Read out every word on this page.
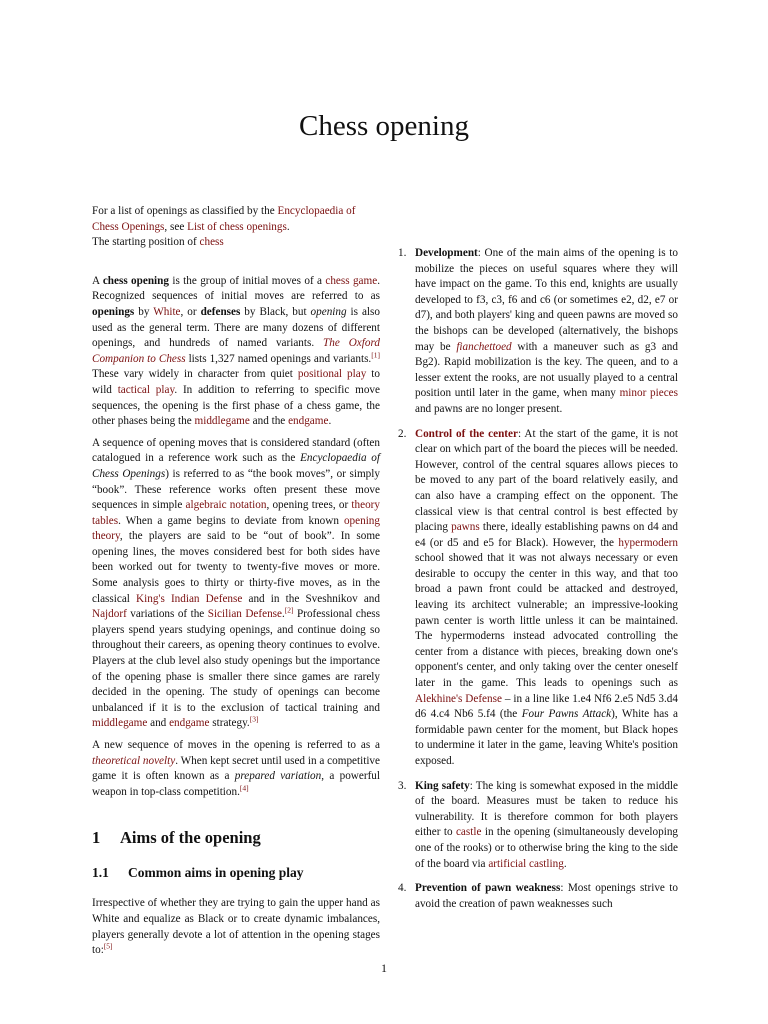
Chess opening

For a list of openings as classified by the Encyclopaedia of Chess Openings, see List of chess openings.

The starting position of chess

A chess opening is the group of initial moves of a chess game. Recognized sequences of initial moves are referred to as openings by White, or defenses by Black, but opening is also used as the general term. There are many dozens of different openings, and hundreds of named variants. The Oxford Companion to Chess lists 1,327 named openings and variants.[1] These vary widely in character from quiet positional play to wild tactical play. In addition to referring to specific move sequences, the opening is the first phase of a chess game, the other phases being the middlegame and the endgame.

A sequence of opening moves that is considered standard (often catalogued in a reference work such as the Encyclopaedia of Chess Openings) is referred to as “the book moves”, or simply “book”. These reference works often present these move sequences in simple algebraic notation, opening trees, or theory tables. When a game begins to deviate from known opening theory, the players are said to be “out of book”. In some opening lines, the moves considered best for both sides have been worked out for twenty to twenty-five moves or more. Some analysis goes to thirty or thirty-five moves, as in the classical King's Indian Defense and in the Sveshnikov and Najdorf variations of the Sicilian Defense.[2] Professional chess players spend years studying openings, and continue doing so throughout their careers, as opening theory continues to evolve. Players at the club level also study openings but the importance of the opening phase is smaller there since games are rarely decided in the opening. The study of openings can become unbalanced if it is to the exclusion of tactical training and middlegame and endgame strategy.[3]

A new sequence of moves in the opening is referred to as a theoretical novelty. When kept secret until used in a competitive game it is often known as a prepared variation, a powerful weapon in top-class competition.[4]

1 Aims of the opening
1.1 Common aims in opening play

Irrespective of whether they are trying to gain the upper hand as White and equalize as Black or to create dynamic imbalances, players generally devote a lot of attention in the opening stages to:[5]

1. Development: One of the main aims of the opening is to mobilize the pieces on useful squares where they will have impact on the game. To this end, knights are usually developed to f3, c3, f6 and c6 (or sometimes e2, d2, e7 or d7), and both players' king and queen pawns are moved so the bishops can be developed (alternatively, the bishops may be fianchettoed with a maneuver such as g3 and Bg2). Rapid mobilization is the key. The queen, and to a lesser extent the rooks, are not usually played to a central position until later in the game, when many minor pieces and pawns are no longer present.
2. Control of the center: At the start of the game, it is not clear on which part of the board the pieces will be needed. However, control of the central squares allows pieces to be moved to any part of the board relatively easily, and can also have a cramping effect on the opponent. The classical view is that central control is best effected by placing pawns there, ideally establishing pawns on d4 and e4 (or d5 and e5 for Black). However, the hypermodern school showed that it was not always necessary or even desirable to occupy the center in this way, and that too broad a pawn front could be attacked and destroyed, leaving its architect vulnerable; an impressive-looking pawn center is worth little unless it can be maintained. The hypermoderns instead advocated controlling the center from a distance with pieces, breaking down one's opponent's center, and only taking over the center oneself later in the game. This leads to openings such as Alekhine's Defense – in a line like 1.e4 Nf6 2.e5 Nd5 3.d4 d6 4.c4 Nb6 5.f4 (the Four Pawns Attack), White has a formidable pawn center for the moment, but Black hopes to undermine it later in the game, leaving White's position exposed.
3. King safety: The king is somewhat exposed in the middle of the board. Measures must be taken to reduce his vulnerability. It is therefore common for both players either to castle in the opening (simultaneously developing one of the rooks) or to otherwise bring the king to the side of the board via artificial castling.
4. Prevention of pawn weakness: Most openings strive to avoid the creation of pawn weaknesses such
1
